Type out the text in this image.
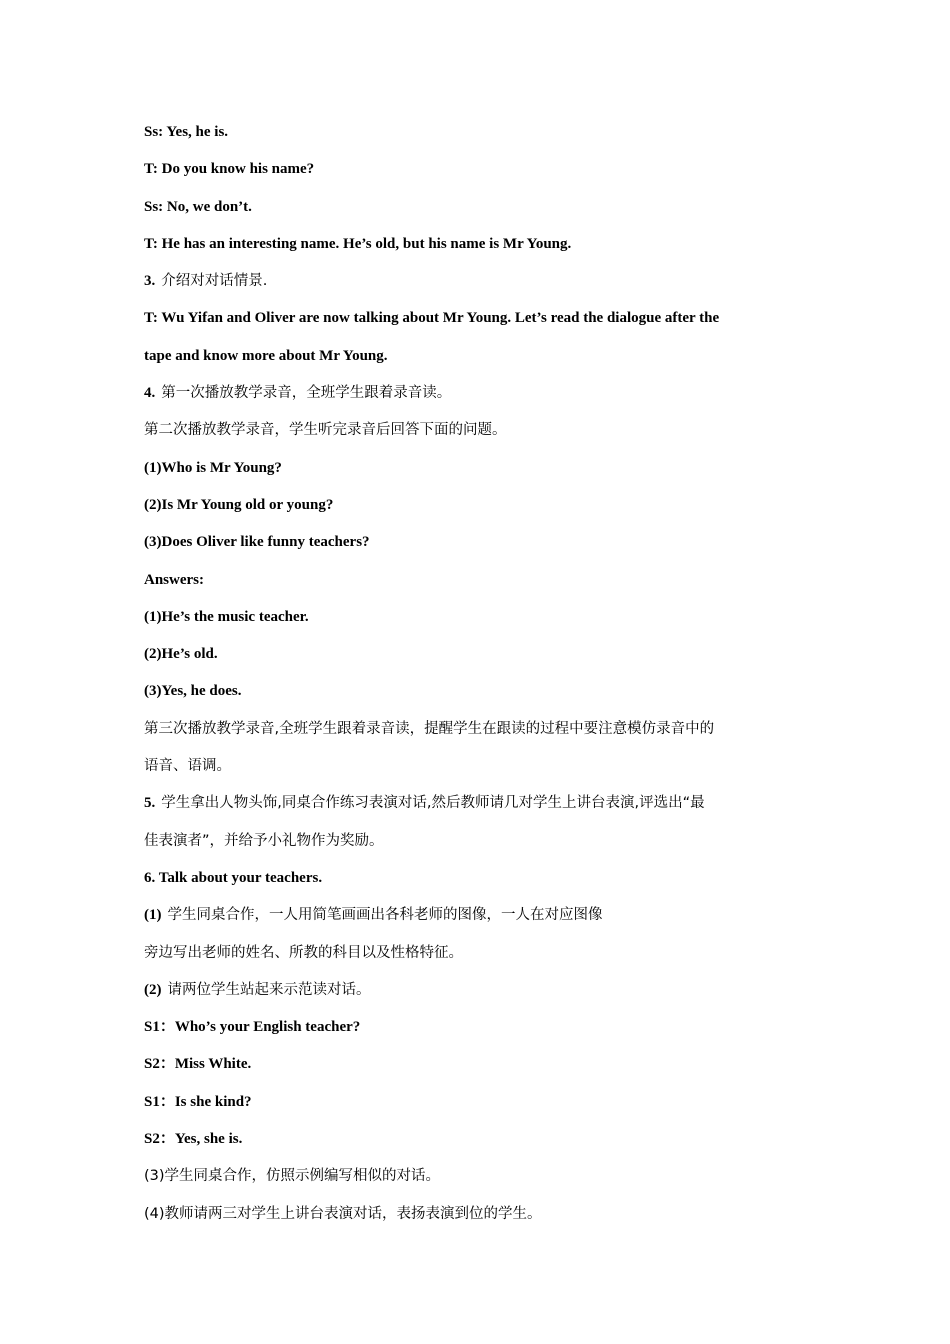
Ss: Yes, he is.
T: Do you know his name?
Ss: No, we don’t.
T: He has an interesting name. He’s old, but his name is Mr Young.
3. 介绍对对话情景.
T: Wu Yifan and Oliver are now talking about Mr Young. Let’s read the dialogue after the
tape and know more about Mr Young.
4. 第一次播放教学录音，全班学生跟着录音读。
第二次播放教学录音，学生听完录音后回答下面的问题。
(1)Who is Mr Young?
(2)Is Mr Young old or young?
(3)Does Oliver like funny teachers?
Answers:
(1)He’s the music teacher.
(2)He’s old.
(3)Yes, he does.
第三次播放教学录音,全班学生跟着录音读，提醒学生在跟读的过程中要注意模仿录音中的
语音、语调。
5. 学生拿出人物头饰,同桌合作练习表演对话,然后教师请几对学生上讲台表演,评选出“最
佳表演者”，并给予小礼物作为奖励。
6. Talk about your teachers.
(1) 学生同桌合作，一人用简笔画画出各科老师的图像，一人在对应图像
旁边写出老师的姓名、所教的科目以及性格特征。
(2) 请两位学生站起来示范读对话。
S1：Who’s your English teacher?
S2：Miss White.
S1：Is she kind?
S2：Yes, she is.
(3)学生同桌合作，仿照示例编写相似的对话。
(4)教师请两三对学生上讲台表演对话，表扬表演到位的学生。
